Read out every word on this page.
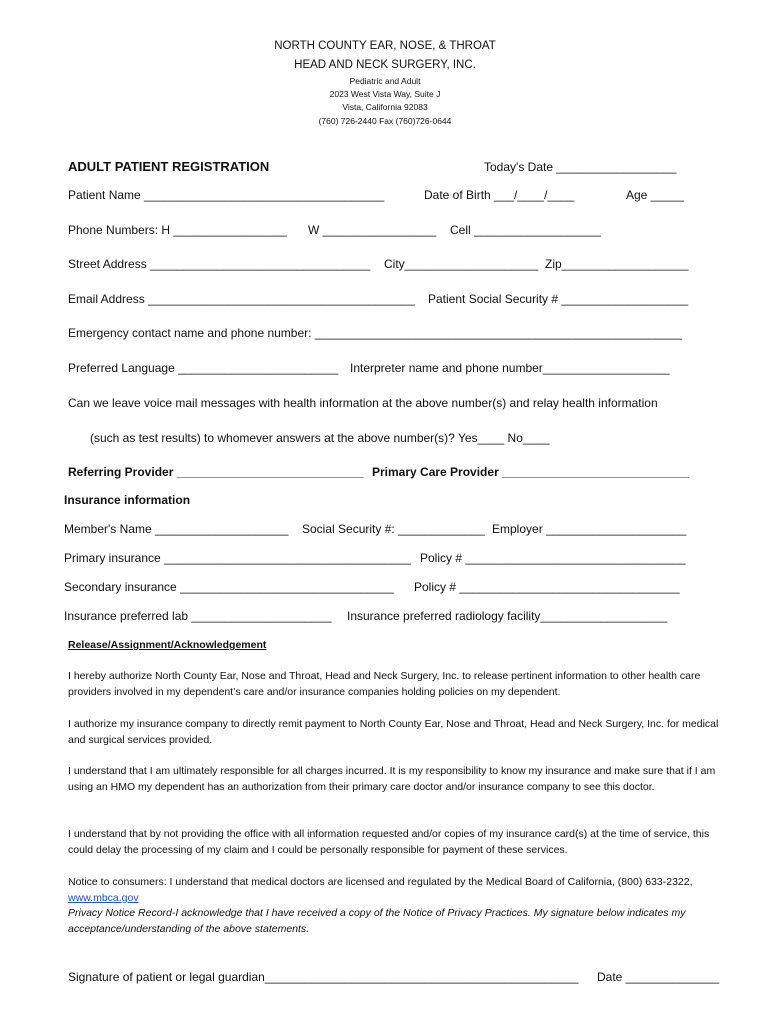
NORTH COUNTY EAR, NOSE, & THROAT
HEAD AND NECK SURGERY, INC.
Pediatric and Adult
2023 West Vista Way, Suite J
Vista, California 92083
(760) 726-2440 Fax (760)726-0644
ADULT PATIENT REGISTRATION	Today's Date __________________
Patient Name ____________________________________	Date of Birth ___/____/____	Age _____
Phone Numbers: H _________________ W _________________ Cell ___________________
Street Address _________________________________ City____________________ Zip___________________
Email Address ________________________________________ Patient Social Security # ___________________
Emergency contact name and phone number: _______________________________________________________
Preferred Language ________________________ Interpreter name and phone number___________________
Can we leave voice mail messages with health information at the above number(s) and relay health information
(such as test results) to whomever answers at the above number(s)? Yes____ No____
Referring Provider ____________________________ Primary Care Provider ____________________________
Insurance information
Member's Name ____________________ Social Security #: _____________ Employer _____________________
Primary insurance _____________________________________ Policy # _________________________________
Secondary insurance ________________________________ Policy # _________________________________
Insurance preferred lab _____________________ Insurance preferred radiology facility___________________
Release/Assignment/Acknowledgement
I hereby authorize North County Ear, Nose and Throat, Head and Neck Surgery, Inc. to release pertinent information to other health care providers involved in my dependent’s care and/or insurance companies holding policies on my dependent.
I authorize my insurance company to directly remit payment to North County Ear, Nose and Throat, Head and Neck Surgery, Inc. for medical and surgical services provided.
I understand that I am ultimately responsible for all charges incurred. It is my responsibility to know my insurance and make sure that if I am using an HMO my dependent has an authorization from their primary care doctor and/or insurance company to see this doctor.
I understand that by not providing the office with all information requested and/or copies of my insurance card(s) at the time of service, this could delay the processing of my claim and I could be personally responsible for payment of these services.
Notice to consumers: I understand that medical doctors are licensed and regulated by the Medical Board of California, (800) 633-2322, www.mbca.gov
Privacy Notice Record-I acknowledge that I have received a copy of the Notice of Privacy Practices. My signature below indicates my acceptance/understanding of the above statements.
Signature of patient or legal guardian_______________________________________________ Date ______________
